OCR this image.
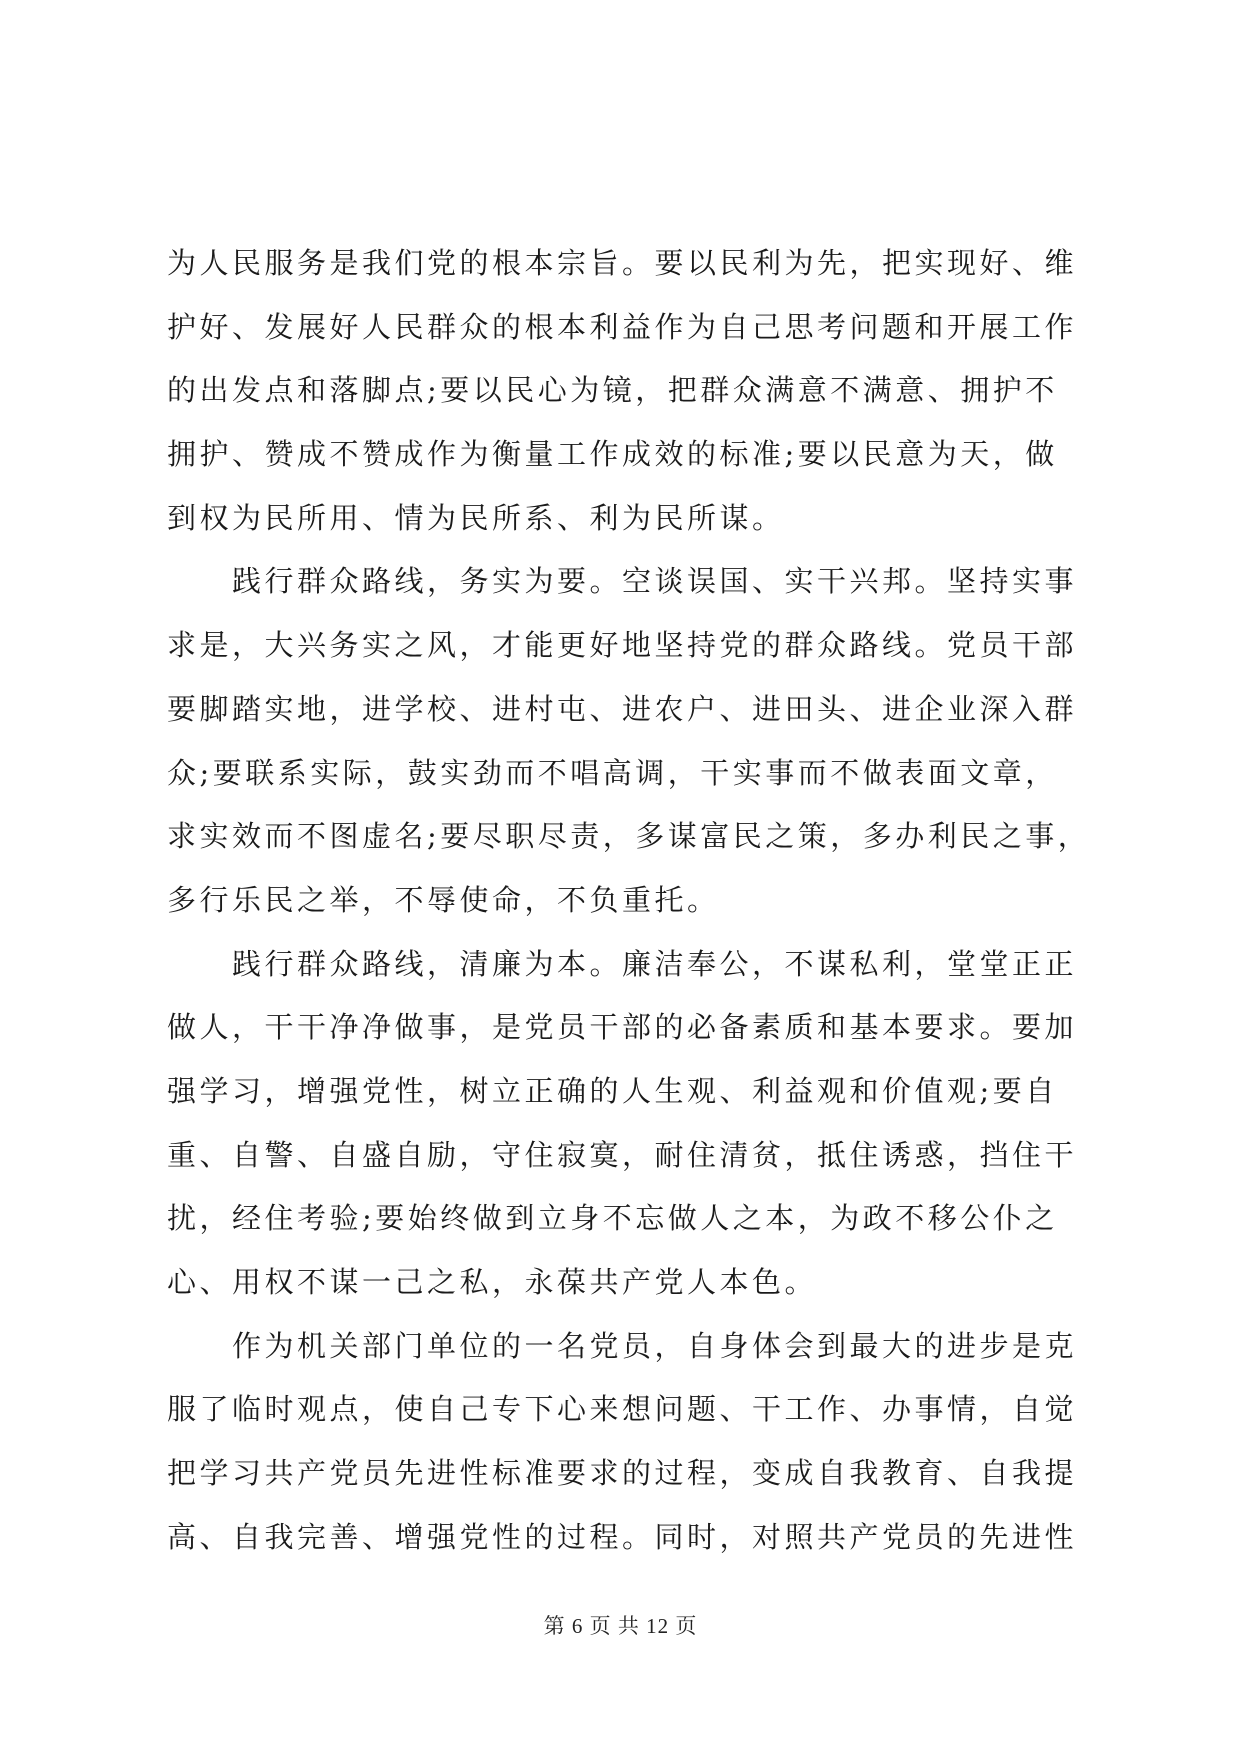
为人民服务是我们党的根本宗旨。要以民利为先，把实现好、维
护好、发展好人民群众的根本利益作为自己思考问题和开展工作
的出发点和落脚点;要以民心为镜，把群众满意不满意、拥护不
拥护、赞成不赞成作为衡量工作成效的标准;要以民意为天，做
到权为民所用、情为民所系、利为民所谋。
　　践行群众路线，务实为要。空谈误国、实干兴邦。坚持实事
求是，大兴务实之风，才能更好地坚持党的群众路线。党员干部
要脚踏实地，进学校、进村屯、进农户、进田头、进企业深入群
众;要联系实际，鼓实劲而不唱高调，干实事而不做表面文章，
求实效而不图虚名;要尽职尽责，多谋富民之策，多办利民之事，
多行乐民之举，不辱使命，不负重托。
　　践行群众路线，清廉为本。廉洁奉公，不谋私利，堂堂正正
做人，干干净净做事，是党员干部的必备素质和基本要求。要加
强学习，增强党性，树立正确的人生观、利益观和价值观;要自
重、自警、自盛自励，守住寂寞，耐住清贫，抵住诱惑，挡住干
扰，经住考验;要始终做到立身不忘做人之本，为政不移公仆之
心、用权不谋一己之私，永葆共产党人本色。
　　作为机关部门单位的一名党员，自身体会到最大的进步是克
服了临时观点，使自己专下心来想问题、干工作、办事情，自觉
把学习共产党员先进性标准要求的过程，变成自我教育、自我提
高、自我完善、增强党性的过程。同时，对照共产党员的先进性
第 6 页 共 12 页
